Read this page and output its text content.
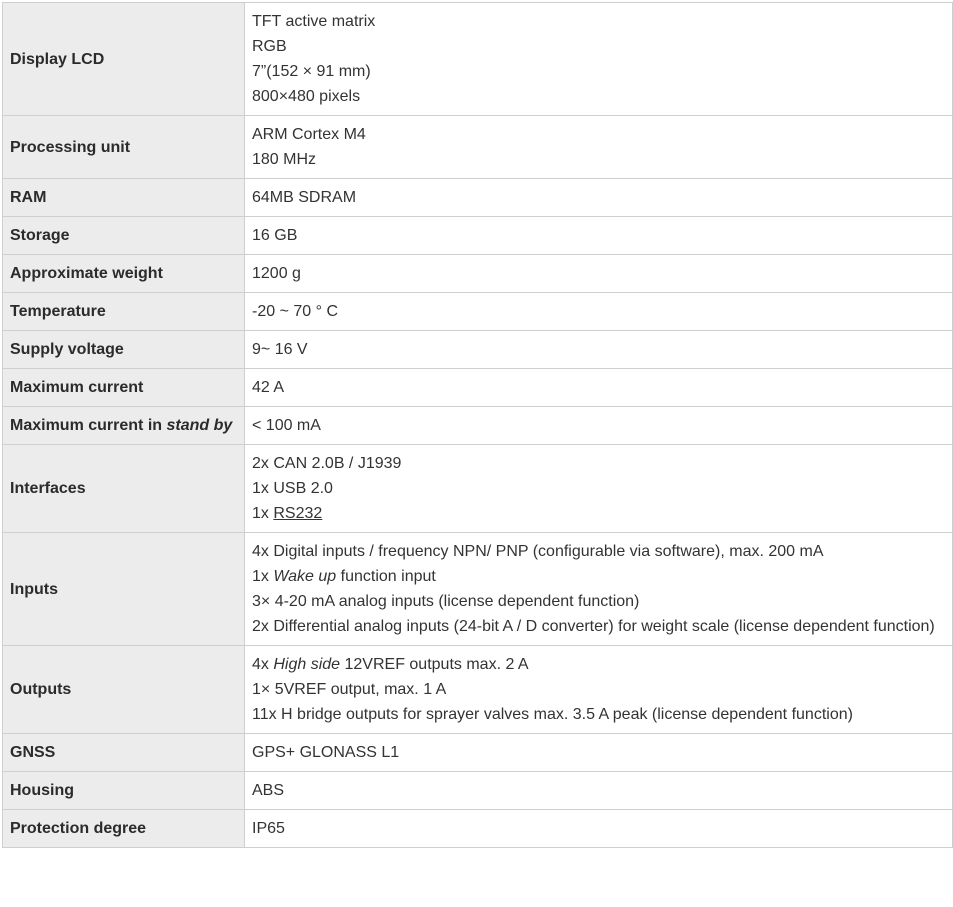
Display LCD	TFT active matrix
RGB
7”(152 × 91 mm)
800×480 pixels

Processing unit	ARM Cortex M4
180 MHz

RAM	64MB SDRAM

Storage	16 GB

Approximate weight	1200 g

Temperature	-20 ~ 70 ° C

Supply voltage	9~ 16 V

Maximum current	42 A

Maximum current in stand by	< 100 mA

Interfaces	2x CAN 2.0B / J1939
1x USB 2.0
1x RS232

Inputs	4x Digital inputs / frequency NPN/ PNP (configurable via software), max. 200 mA
1x Wake up function input
3× 4-20 mA analog inputs (license dependent function)
2x Differential analog inputs (24-bit A / D converter) for weight scale (license dependent function)

Outputs	4x High side 12VREF outputs max. 2 A
1× 5VREF output, max. 1 A
11x H bridge outputs for sprayer valves max. 3.5 A peak (license dependent function)

GNSS	GPS+ GLONASS L1

Housing	ABS

Protection degree	IP65
